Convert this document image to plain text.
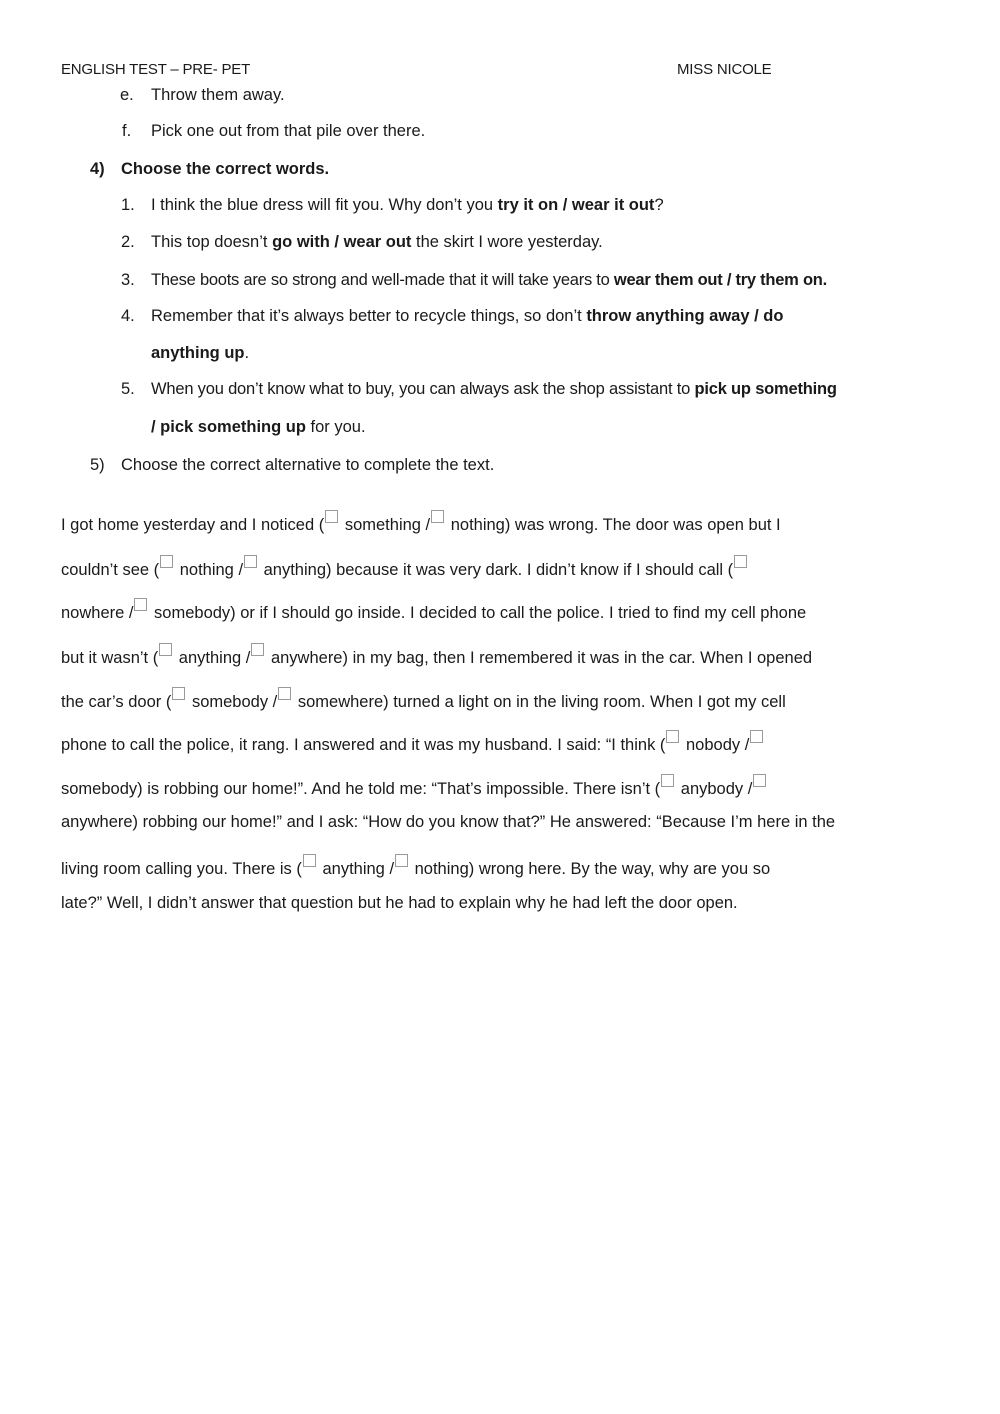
ENGLISH TEST – PRE- PET	MISS NICOLE
e. Throw them away.
f. Pick one out from that pile over there.
4) Choose the correct words.
1. I think the blue dress will fit you. Why don’t you try it on / wear it out?
2. This top doesn’t go with / wear out the skirt I wore yesterday.
3. These boots are so strong and well-made that it will take years to wear them out / try them on.
4. Remember that it’s always better to recycle things, so don’t throw anything away / do
anything up.
5. When you don’t know what to buy, you can always ask the shop assistant to pick up something
/ pick something up for you.
5) Choose the correct alternative to complete the text.
I got home yesterday and I noticed ( something / nothing) was wrong. The door was open but I
couldn’t see ( nothing / anything) because it was very dark. I didn’t know if I should call (
nowhere / somebody) or if I should go inside. I decided to call the police. I tried to find my cell phone
but it wasn’t ( anything / anywhere) in my bag, then I remembered it was in the car. When I opened
the car’s door ( somebody / somewhere) turned a light on in the living room. When I got my cell
phone to call the police, it rang. I answered and it was my husband. I said: “I think ( nobody /
somebody) is robbing our home!”. And he told me: “That’s impossible. There isn’t ( anybody /
anywhere) robbing our home!” and I ask: “How do you know that?” He answered: “Because I’m here in the
living room calling you. There is ( anything / nothing) wrong here. By the way, why are you so
late?” Well, I didn’t answer that question but he had to explain why he had left the door open.
